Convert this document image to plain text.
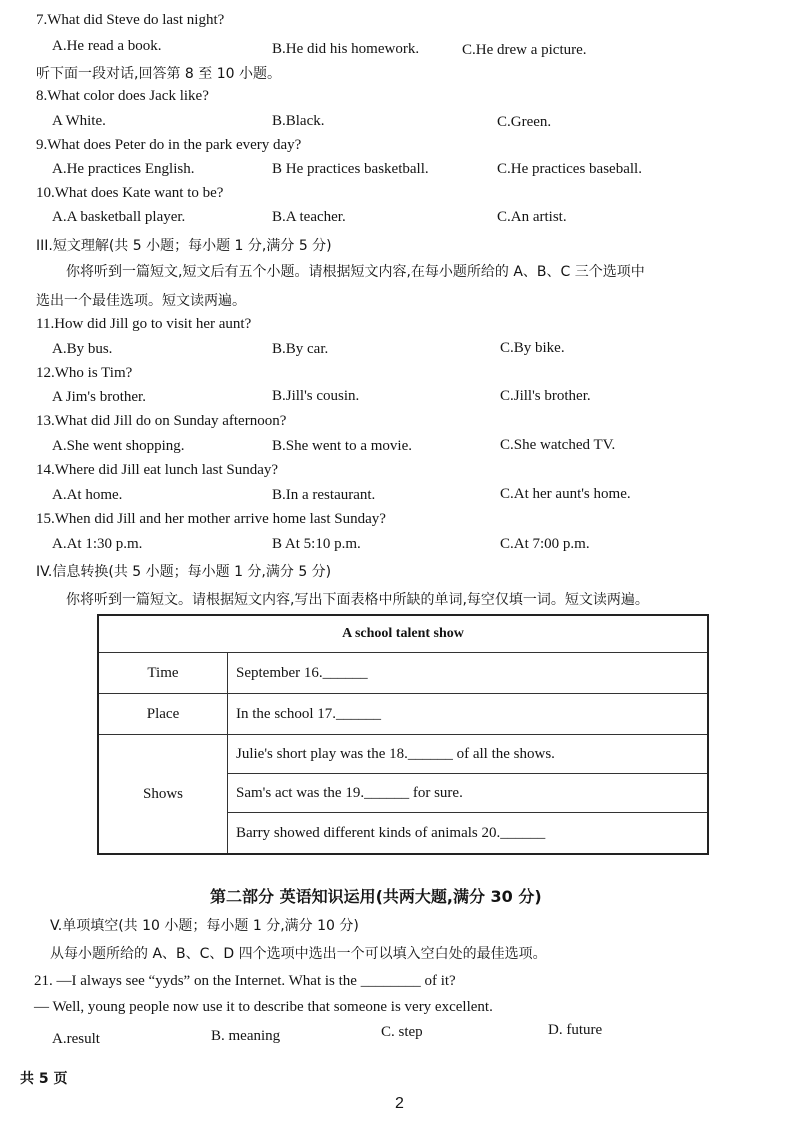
7.What did Steve do last night?
A.He read a book.	B.He did his homework.	C.He drew a picture.
听下面一段对话,回答第 8 至 10 小题。
8.What color does Jack like?
A White.	B.Black.	C.Green.
9.What does Peter do in the park every day?
A.He practices English.	B He practices basketball.	C.He practices baseball.
10.What does Kate want to be?
A.A basketball player.	B.A teacher.	C.An artist.
III.短文理解(共 5 小题；每小题 1 分,满分 5 分)
你将听到一篇短文,短文后有五个小题。请根据短文内容,在每小题所给的 A、B、C 三个选项中
选出一个最佳选项。短文读两遍。
11.How did Jill go to visit her aunt?
A.By bus.	B.By car.	C.By bike.
12.Who is Tim?
A Jim's brother.	B.Jill's cousin.	C.Jill's brother.
13.What did Jill do on Sunday afternoon?
A.She went shopping.	B.She went to a movie.	C.She watched TV.
14.Where did Jill eat lunch last Sunday?
A.At home.	B.In a restaurant.	C.At her aunt's home.
15.When did Jill and her mother arrive home last Sunday?
A.At 1:30 p.m.	B At 5:10 p.m.	C.At 7:00 p.m.
IV.信息转换(共 5 小题；每小题 1 分,满分 5 分)
你将听到一篇短文。请根据短文内容,写出下面表格中所缺的单词,每空仅填一词。短文读两遍。
A school talent show	
Time	September 16.______
Place	In the school 17.______
Shows	Julie's short play was the 18.______ of all the shows.
	Sam's act was the 19.______ for sure.
	Barry showed different kinds of animals 20.______
第二部分 英语知识运用(共两大题,满分 30 分)
V.单项填空(共 10 小题；每小题 1 分,满分 10 分)
从每小题所给的 A、B、C、D 四个选项中选出一个可以填入空白处的最佳选项。
21. —I always see “yyds” on the Internet. What is the ________ of it?
— Well, young people now use it to describe that someone is very excellent.
A.result	B. meaning	C. step	D. future
共 5 页
2
